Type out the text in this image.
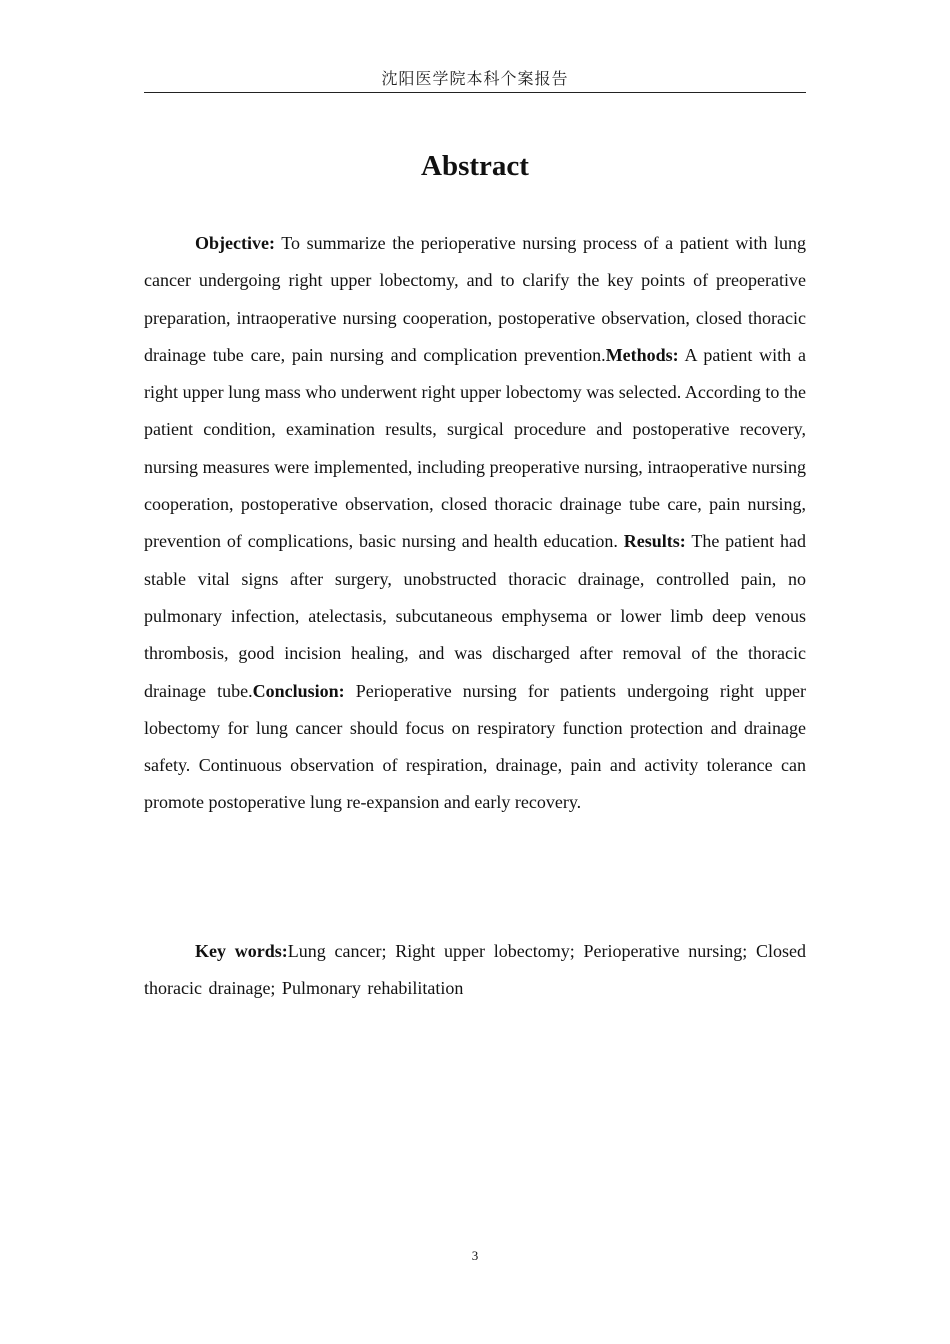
沈阳医学院本科个案报告
Abstract

Objective: To summarize the perioperative nursing process of a patient with lung cancer undergoing right upper lobectomy, and to clarify the key points of preoperative preparation, intraoperative nursing cooperation, postoperative observation, closed thoracic drainage tube care, pain nursing and complication prevention.Methods: A patient with a right upper lung mass who underwent right upper lobectomy was selected. According to the patient condition, examination results, surgical procedure and postoperative recovery, nursing measures were implemented, including preoperative nursing, intraoperative nursing cooperation, postoperative observation, closed thoracic drainage tube care, pain nursing, prevention of complications, basic nursing and health education. Results: The patient had stable vital signs after surgery, unobstructed thoracic drainage, controlled pain, no pulmonary infection, atelectasis, subcutaneous emphysema or lower limb deep venous thrombosis, good incision healing, and was discharged after removal of the thoracic drainage tube.Conclusion: Perioperative nursing for patients undergoing right upper lobectomy for lung cancer should focus on respiratory function protection and drainage safety. Continuous observation of respiration, drainage, pain and activity tolerance can promote postoperative lung re-expansion and early recovery.

Key words:Lung cancer; Right upper lobectomy; Perioperative nursing; Closed thoracic drainage; Pulmonary rehabilitation

3
